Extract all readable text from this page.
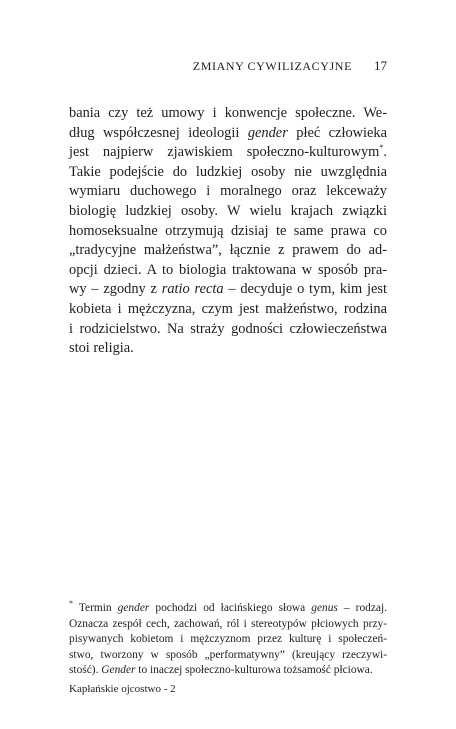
ZMIANY CYWILIZACYJNE 17
bania czy też umowy i konwencje społeczne. We-
dług współczesnej ideologii gender płeć człowieka
jest najpierw zjawiskiem społeczno-kulturowym*.
Takie podejście do ludzkiej osoby nie uwzględnia
wymiaru duchowego i moralnego oraz lekceważy
biologię ludzkiej osoby. W wielu krajach związki
homoseksualne otrzymują dzisiaj te same prawa co
„tradycyjne małżeństwa”, łącznie z prawem do ad-
opcji dzieci. A to biologia traktowana w sposób pra-
wy – zgodny z ratio recta – decyduje o tym, kim jest
kobieta i mężczyzna, czym jest małżeństwo, rodzina
i rodzicielstwo. Na straży godności człowieczeństwa
stoi religia.
* Termin gender pochodzi od łacińskiego słowa genus – rodzaj.
Oznacza zespół cech, zachowań, ról i stereotypów płciowych przy-
pisywanych kobietom i mężczyznom przez kulturę i społeczeń-
stwo, tworzony w sposób „performatywny” (kreujący rzeczywi-
stość). Gender to inaczej społeczno-kulturowa tożsamość płciowa.
Kapłańskie ojcostwo - 2
